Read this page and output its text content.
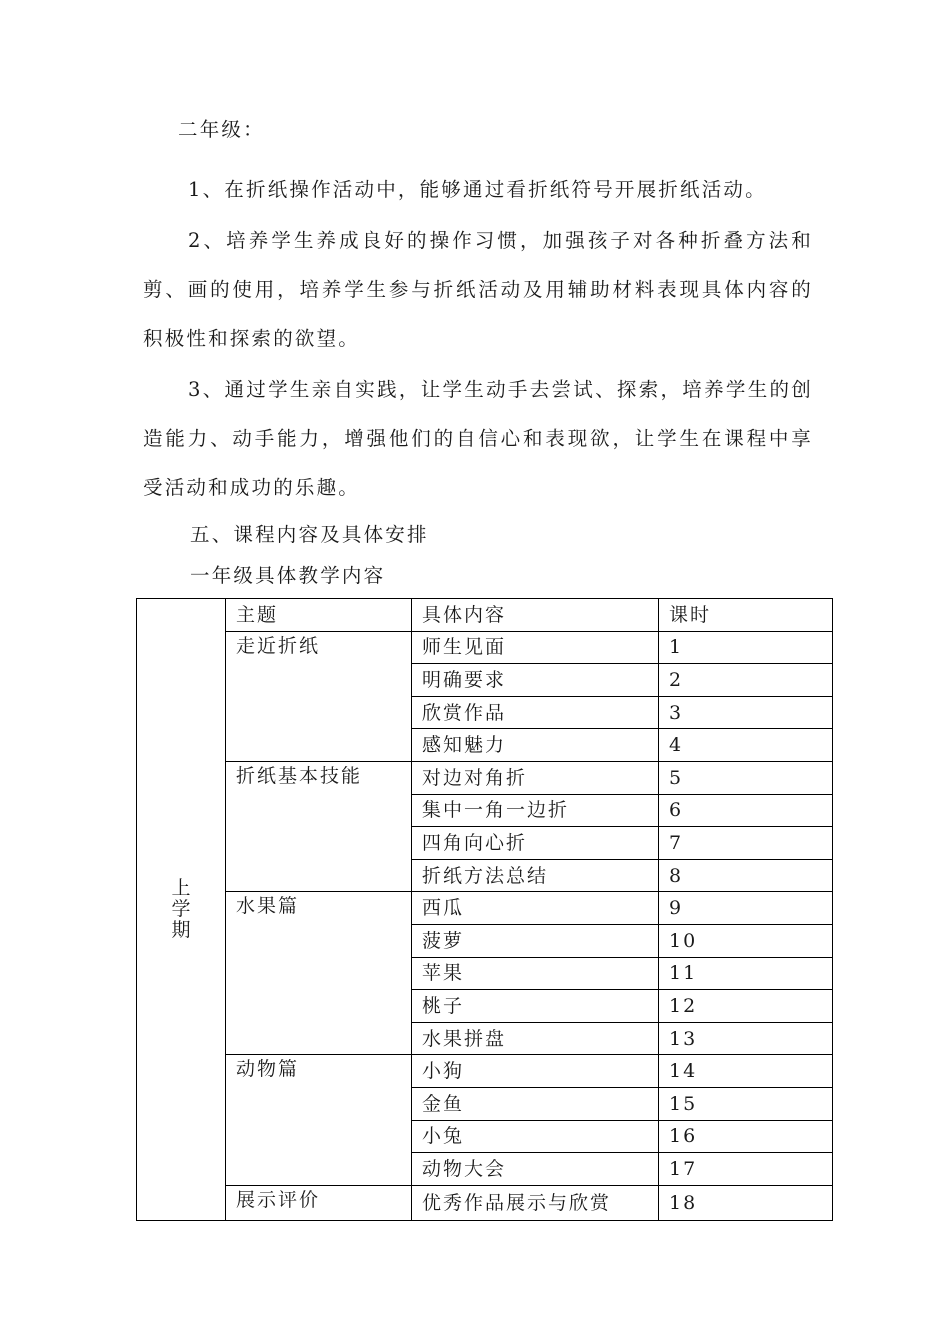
二年级：

1、在折纸操作活动中，能够通过看折纸符号开展折纸活动。

2、培养学生养成良好的操作习惯，加强孩子对各种折叠方法和剪、画的使用，培养学生参与折纸活动及用辅助材料表现具体内容的积极性和探索的欲望。

3、通过学生亲自实践，让学生动手去尝试、探索，培养学生的创造能力、动手能力，增强他们的自信心和表现欲，让学生在课程中享受活动和成功的乐趣。

五、课程内容及具体安排
一年级具体教学内容
上学期	主题	具体内容	课时
	走近折纸	师生见面	1
		明确要求	2
		欣赏作品	3
		感知魅力	4
	折纸基本技能	对边对角折	5
		集中一角一边折	6
		四角向心折	7
		折纸方法总结	8
	水果篇	西瓜	9
		菠萝	10
		苹果	11
		桃子	12
		水果拼盘	13
	动物篇	小狗	14
		金鱼	15
		小兔	16
		动物大会	17
	展示评价	优秀作品展示与欣赏	18
